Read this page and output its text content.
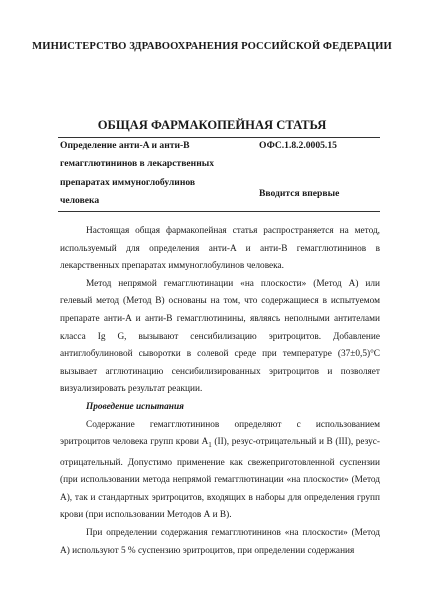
МИНИСТЕРСТВО ЗДРАВООХРАНЕНИЯ РОССИЙСКОЙ ФЕДЕРАЦИИ
ОБЩАЯ ФАРМАКОПЕЙНАЯ СТАТЬЯ
Определение анти-A и анти-B
гемагглютининов в лекарственных
препаратах иммуноглобулинов
человека
ОФС.1.8.2.0005.15
Вводится впервые

Настоящая общая фармакопейная статья распространяется на метод, используемый для определения анти-A и анти-B гемагглютининов в лекарственных препаратах иммуноглобулинов человека.

Метод непрямой гемагглютинации «на плоскости» (Метод А) или гелевый метод (Метод В) основаны на том, что содержащиеся в испытуемом препарате анти-A и анти-B гемагглютинины, являясь неполными антителами класса Ig G, вызывают сенсибилизацию эритроцитов. Добавление антиглобулиновой сыворотки в солевой среде при температуре (37±0,5)°С вызывает агглютинацию сенсибилизированных эритроцитов и позволяет визуализировать результат реакции.

Проведение испытания

Содержание гемагглютининов определяют с использованием эритроцитов человека групп крови $A_1$ (II), резус-отрицательный и В (III), резус-отрицательный. Допустимо применение как свежеприготовленной суспензии (при использовании метода непрямой гемагглютинации «на плоскости» (Метод А), так и стандартных эритроцитов, входящих в наборы для определения групп крови (при использовании Методов А и В).

При определении содержания гемагглютининов «на плоскости» (Метод А) используют 5 % суспензию эритроцитов, при определении содержания
